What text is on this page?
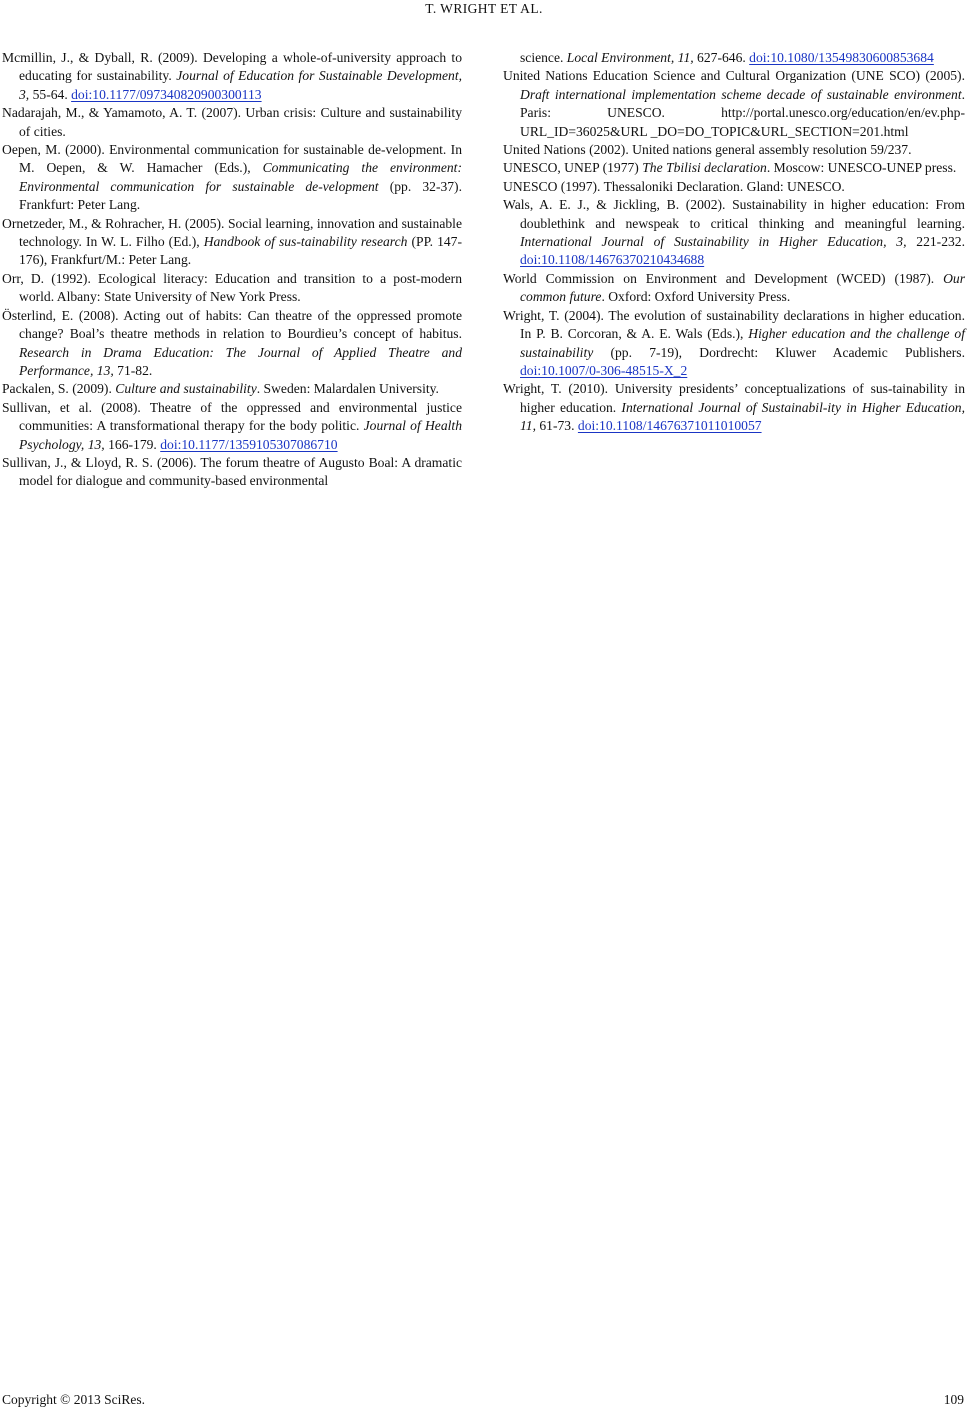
T. WRIGHT ET AL.
Mcmillin, J., & Dyball, R. (2009). Developing a whole-of-university approach to educating for sustainability. Journal of Education for Sustainable Development, 3, 55-64. doi:10.1177/097340820900300113
Nadarajah, M., & Yamamoto, A. T. (2007). Urban crisis: Culture and sustainability of cities.
Oepen, M. (2000). Environmental communication for sustainable de-velopment. In M. Oepen, & W. Hamacher (Eds.), Communicating the environment: Environmental communication for sustainable de-velopment (pp. 32-37). Frankfurt: Peter Lang.
Ornetzeder, M., & Rohracher, H. (2005). Social learning, innovation and sustainable technology. In W. L. Filho (Ed.), Handbook of sus-tainability research (PP. 147-176), Frankfurt/M.: Peter Lang.
Orr, D. (1992). Ecological literacy: Education and transition to a post-modern world. Albany: State University of New York Press.
Österlind, E. (2008). Acting out of habits: Can theatre of the oppressed promote change? Boal’s theatre methods in relation to Bourdieu’s concept of habitus. Research in Drama Education: The Journal of Applied Theatre and Performance, 13, 71-82.
Packalen, S. (2009). Culture and sustainability. Sweden: Malardalen University.
Sullivan, et al. (2008). Theatre of the oppressed and environmental justice communities: A transformational therapy for the body politic. Journal of Health Psychology, 13, 166-179. doi:10.1177/1359105307086710
Sullivan, J., & Lloyd, R. S. (2006). The forum theatre of Augusto Boal: A dramatic model for dialogue and community-based environmental
science. Local Environment, 11, 627-646. doi:10.1080/13549830600853684
United Nations Education Science and Cultural Organization (UNE SCO) (2005). Draft international implementation scheme decade of sustainable environment. Paris: UNESCO. http://portal.unesco.org/education/en/ev.php-URL_ID=36025&URL _DO=DO_TOPIC&URL_SECTION=201.html
United Nations (2002). United nations general assembly resolution 59/237.
UNESCO, UNEP (1977) The Tbilisi declaration. Moscow: UNESCO-UNEP press.
UNESCO (1997). Thessaloniki Declaration. Gland: UNESCO.
Wals, A. E. J., & Jickling, B. (2002). Sustainability in higher education: From doublethink and newspeak to critical thinking and meaningful learning. International Journal of Sustainability in Higher Education, 3, 221-232. doi:10.1108/14676370210434688
World Commission on Environment and Development (WCED) (1987). Our common future. Oxford: Oxford University Press.
Wright, T. (2004). The evolution of sustainability declarations in higher education. In P. B. Corcoran, & A. E. Wals (Eds.), Higher education and the challenge of sustainability (pp. 7-19), Dordrecht: Kluwer Academic Publishers. doi:10.1007/0-306-48515-X_2
Wright, T. (2010). University presidents’ conceptualizations of sus-tainability in higher education. International Journal of Sustainabil-ity in Higher Education, 11, 61-73. doi:10.1108/14676371011010057
Copyright © 2013 SciRes.	109
